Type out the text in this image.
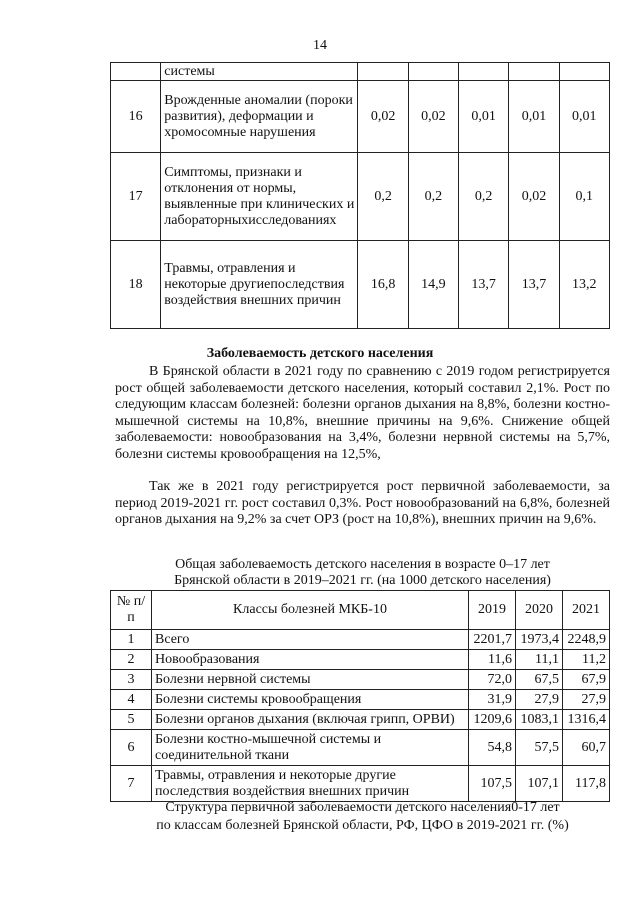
14
	системы					
16	Врожденные аномалии (пороки развития), деформации и хромосомные нарушения	0,02	0,02	0,01	0,01	0,01
17	Симптомы, признаки и отклонения от нормы, выявленные при клинических и лабораторныхисследованиях	0,2	0,2	0,2	0,02	0,1
18	Травмы, отравления и некоторые другиепоследствия воздействия внешних причин	16,8	14,9	13,7	13,7	13,2
Заболеваемость детского населения

В Брянской области в 2021 году по сравнению с 2019 годом регистрируется рост общей заболеваемости детского населения, который составил 2,1%. Рост по следующим классам болезней: болезни органов дыхания на 8,8%, болезни костно-мышечной системы на 10,8%, внешние причины на 9,6%. Снижение общей заболеваемости: новообразования на 3,4%, болезни нервной системы на 5,7%, болезни системы кровообращения на 12,5%,

Так же в 2021 году регистрируется рост первичной заболеваемости, за период 2019-2021 гг. рост составил 0,3%. Рост новообразований на 6,8%, болезней органов дыхания на 9,2% за счет ОРЗ (рост на 10,8%), внешних причин на 9,6%.

Общая заболеваемость детского населения в возрасте 0–17 лет
Брянской области в 2019–2021 гг. (на 1000 детского населения)
№ п/п	Классы болезней МКБ-10	2019	2020	2021
1	Всего	2201,7	1973,4	2248,9
2	Новообразования	11,6	11,1	11,2
3	Болезни нервной системы	72,0	67,5	67,9
4	Болезни системы кровообращения	31,9	27,9	27,9
5	Болезни органов дыхания (включая грипп, ОРВИ)	1209,6	1083,1	1316,4
6	Болезни костно-мышечной системы и соединительной ткани	54,8	57,5	60,7
7	Травмы, отравления и некоторые другие последствия воздействия внешних причин	107,5	107,1	117,8
Структура первичной заболеваемости детского населения0-17 лет
по классам болезней Брянской области, РФ, ЦФО в 2019-2021 гг. (%)
